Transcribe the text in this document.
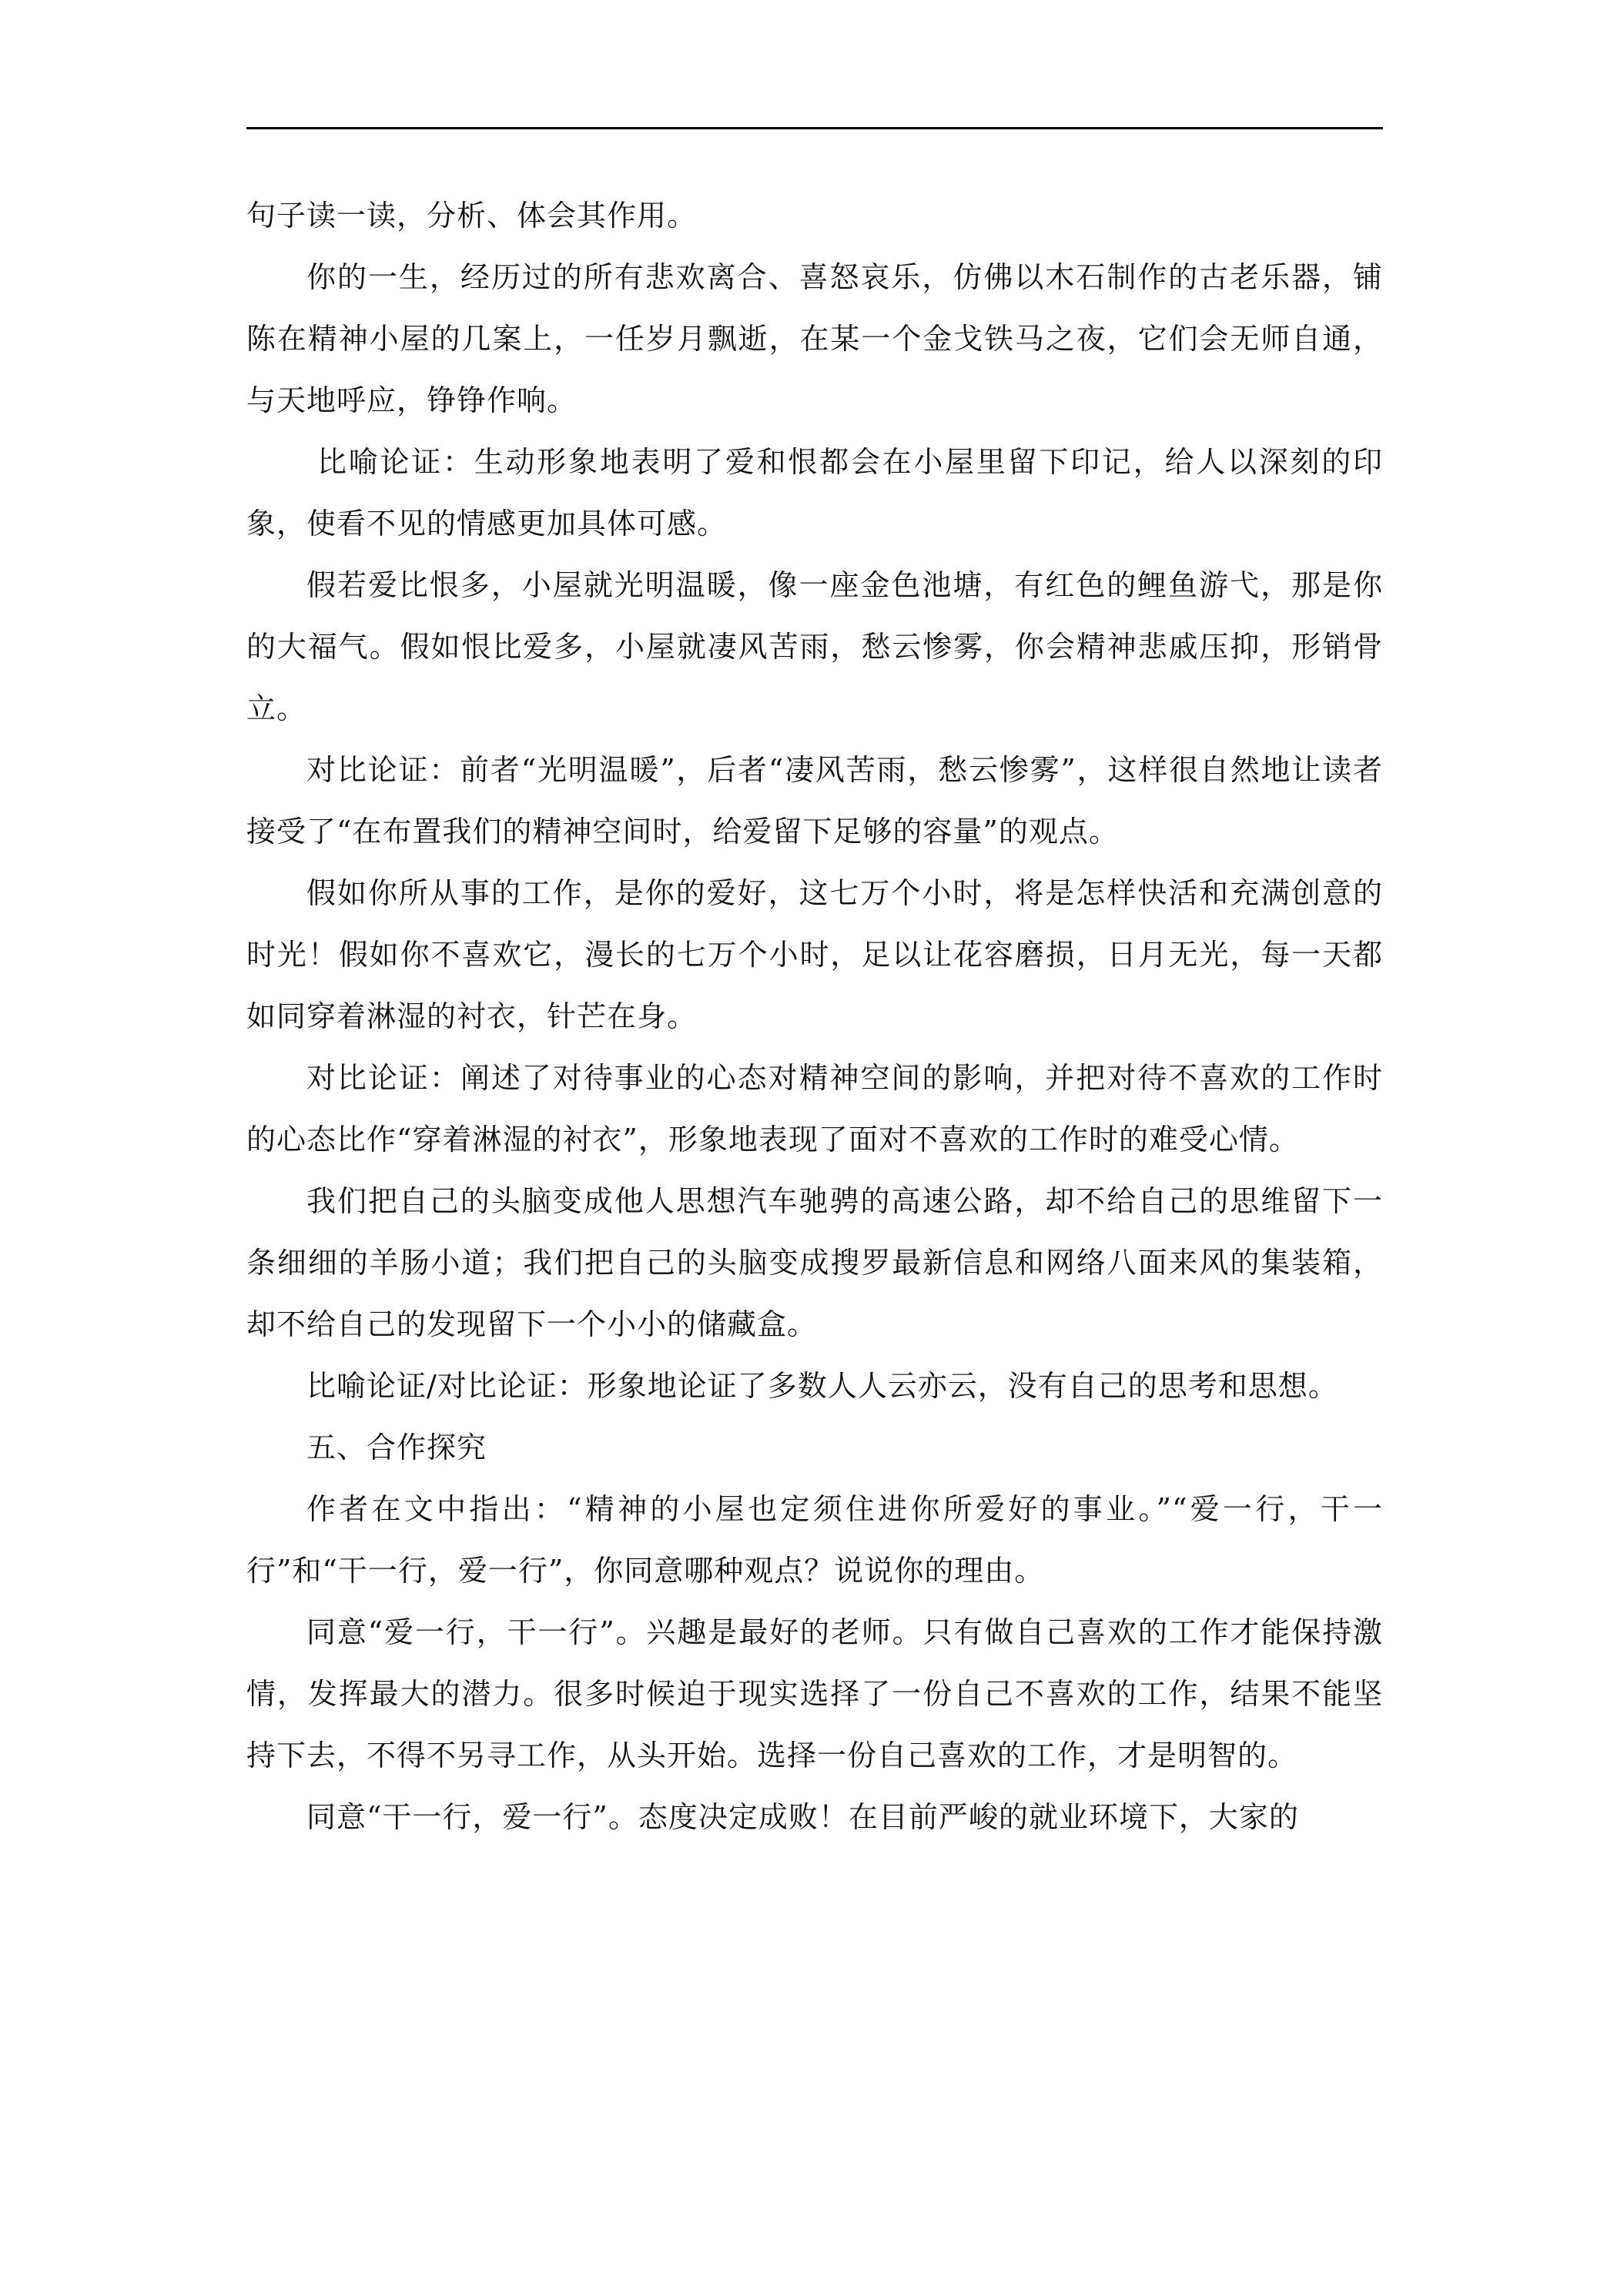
句子读一读，分析、体会其作用。

你的一生，经历过的所有悲欢离合、喜怒哀乐，仿佛以木石制作的古老乐器，铺陈在精神小屋的几案上，一任岁月飘逝，在某一个金戈铁马之夜，它们会无师自通，与天地呼应，铮铮作响。

比喻论证：生动形象地表明了爱和恨都会在小屋里留下印记，给人以深刻的印象，使看不见的情感更加具体可感。

假若爱比恨多，小屋就光明温暖，像一座金色池塘，有红色的鲤鱼游弋，那是你的大福气。假如恨比爱多，小屋就凄风苦雨，愁云惨雾，你会精神悲戚压抑，形销骨立。

对比论证：前者“光明温暖”，后者“凄风苦雨，愁云惨雾”，这样很自然地让读者接受了“在布置我们的精神空间时，给爱留下足够的容量”的观点。

假如你所从事的工作，是你的爱好，这七万个小时，将是怎样快活和充满创意的时光！假如你不喜欢它，漫长的七万个小时，足以让花容磨损，日月无光，每一天都如同穿着淋湿的衬衣，针芒在身。

对比论证：阐述了对待事业的心态对精神空间的影响，并把对待不喜欢的工作时的心态比作“穿着淋湿的衬衣”，形象地表现了面对不喜欢的工作时的难受心情。

我们把自己的头脑变成他人思想汽车驰骋的高速公路，却不给自己的思维留下一条细细的羊肠小道；我们把自己的头脑变成搜罗最新信息和网络八面来风的集装箱，却不给自己的发现留下一个小小的储藏盒。

比喻论证/对比论证：形象地论证了多数人人云亦云，没有自己的思考和思想。

五、合作探究

作者在文中指出：“精神的小屋也定须住进你所爱好的事业。”“爱一行，干一行”和“干一行，爱一行”，你同意哪种观点？说说你的理由。

同意“爱一行，干一行”。兴趣是最好的老师。只有做自己喜欢的工作才能保持激情，发挥最大的潜力。很多时候迫于现实选择了一份自己不喜欢的工作，结果不能坚持下去，不得不另寻工作，从头开始。选择一份自己喜欢的工作，才是明智的。

同意“干一行，爱一行”。态度决定成败！在目前严峻的就业环境下，大家的
